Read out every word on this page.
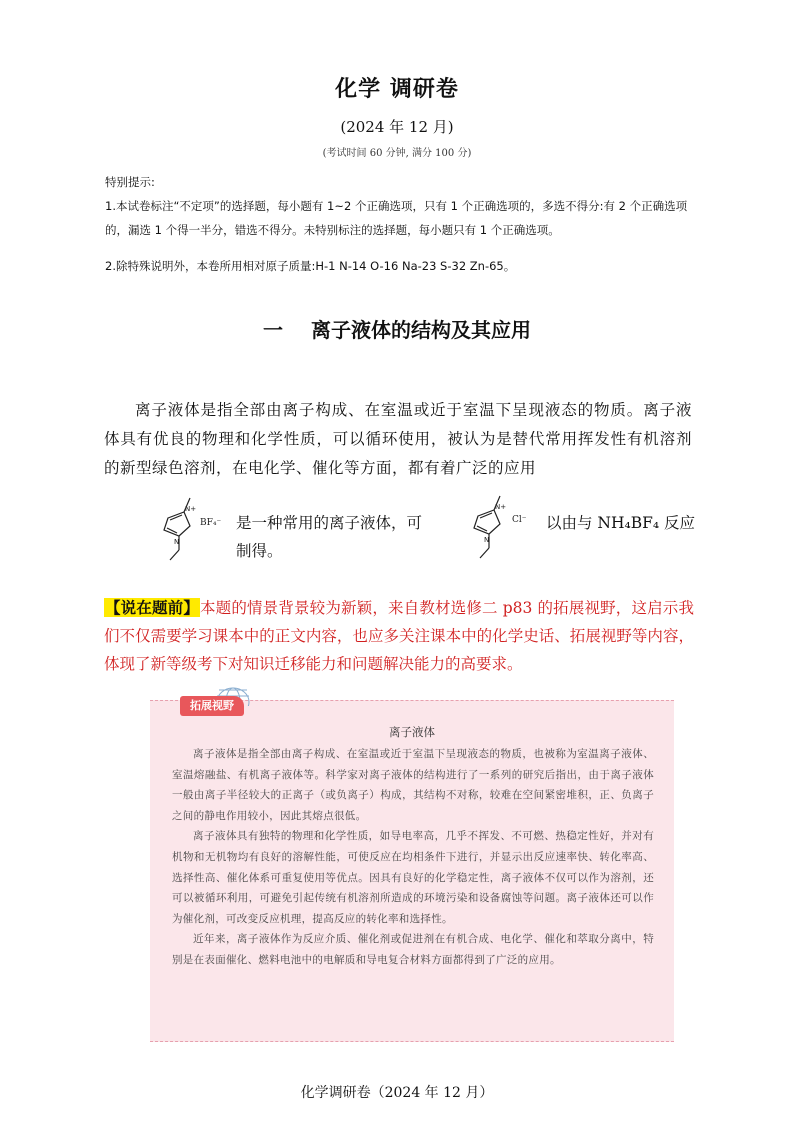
化学 调研卷
(2024 年 12 月)
(考试时间 60 分钟, 满分 100 分)
特别提示:
1.本试卷标注“不定项”的选择题，每小题有 1~2 个正确选项，只有 1 个正确选项的，多选不得分:有 2 个正确选项的，漏选 1 个得一半分，错选不得分。未特别标注的选择题，每小题只有 1 个正确选项。
2.除特殊说明外，本卷所用相对原子质量:H-1 N-14 O-16 Na-23 S-32 Zn-65。
一 离子液体的结构及其应用
离子液体是指全部由离子构成、在室温或近于室温下呈现液态的物质。离子液体具有优良的物理和化学性质，可以循环使用，被认为是替代常用挥发性有机溶剂的新型绿色溶剂，在电化学、催化等方面，都有着广泛的应用
N+
N
BF₄⁻ 是一种常用的离子液体，可
N+
N
Cl⁻ 以由与 NH₄BF₄ 反应
制得。
【说在题前】本题的情景背景较为新颖，来自教材选修二 p83 的拓展视野，这启示我们不仅需要学习课本中的正文内容，也应多关注课本中的化学史话、拓展视野等内容，体现了新等级考下对知识迁移能力和问题解决能力的高要求。
拓展视野
离子液体

离子液体是指全部由离子构成、在室温或近于室温下呈现液态的物质，也被称为室温离子液体、室温熔融盐、有机离子液体等。科学家对离子液体的结构进行了一系列的研究后指出，由于离子液体一般由离子半径较大的正离子（或负离子）构成，其结构不对称，较难在空间紧密堆积，正、负离子之间的静电作用较小，因此其熔点很低。

离子液体具有独特的物理和化学性质，如导电率高，几乎不挥发、不可燃、热稳定性好，并对有机物和无机物均有良好的溶解性能，可使反应在均相条件下进行，并显示出反应速率快、转化率高、选择性高、催化体系可重复使用等优点。因具有良好的化学稳定性，离子液体不仅可以作为溶剂，还可以被循环利用，可避免引起传统有机溶剂所造成的环境污染和设备腐蚀等问题。离子液体还可以作为催化剂，可改变反应机理，提高反应的转化率和选择性。

近年来，离子液体作为反应介质、催化剂或促进剂在有机合成、电化学、催化和萃取分离中，特别是在表面催化、燃料电池中的电解质和导电复合材料方面都得到了广泛的应用。

化学调研卷（2024 年 12 月）
